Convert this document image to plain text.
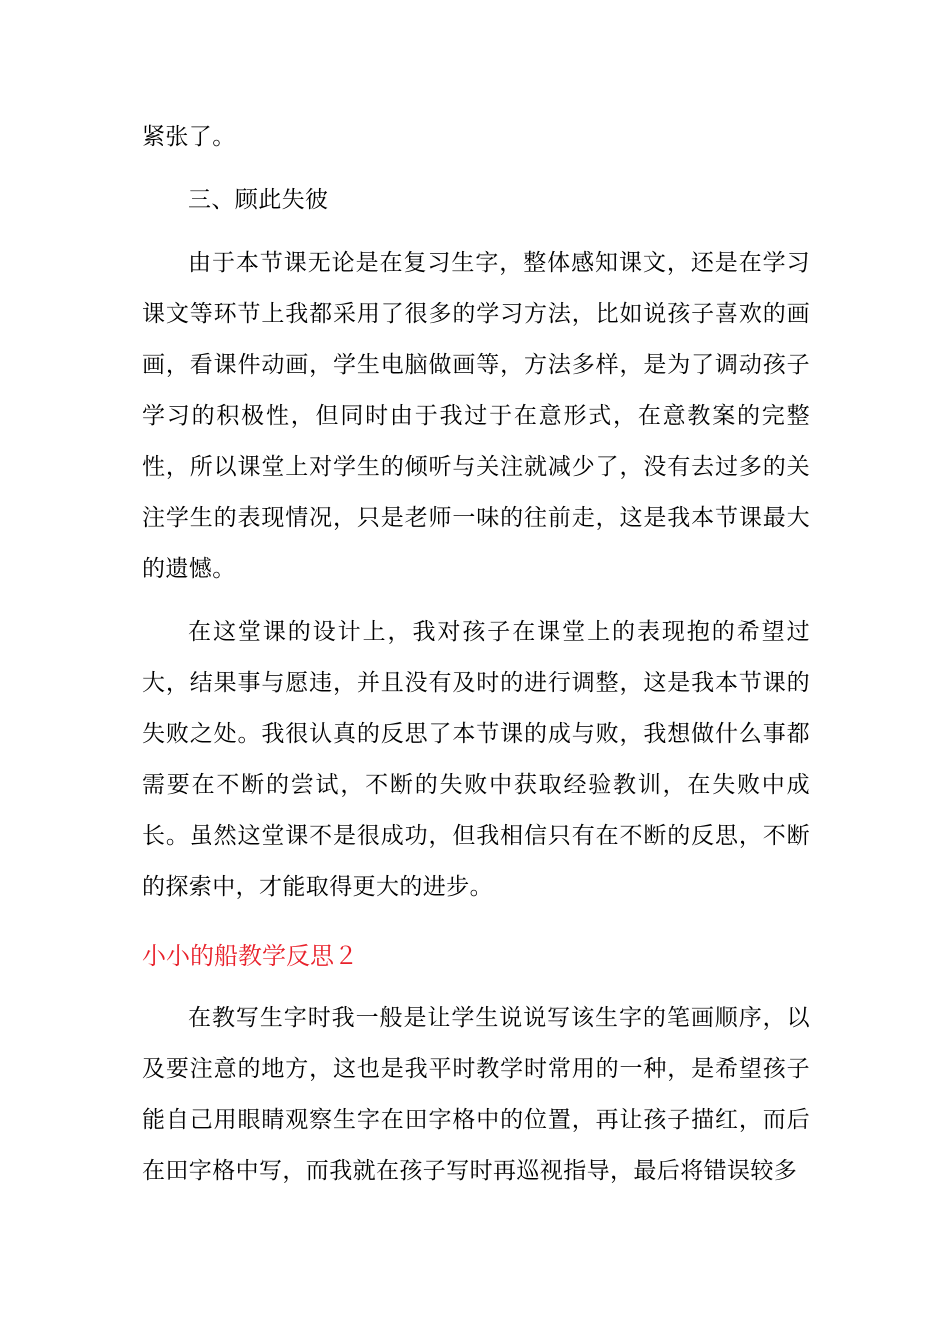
紧张了。

三、顾此失彼

由于本节课无论是在复习生字，整体感知课文，还是在学习课文等环节上我都采用了很多的学习方法，比如说孩子喜欢的画画，看课件动画，学生电脑做画等，方法多样，是为了调动孩子学习的积极性，但同时由于我过于在意形式，在意教案的完整性，所以课堂上对学生的倾听与关注就减少了，没有去过多的关注学生的表现情况，只是老师一味的往前走，这是我本节课最大的遗憾。

在这堂课的设计上，我对孩子在课堂上的表现抱的希望过大，结果事与愿违，并且没有及时的进行调整，这是我本节课的失败之处。我很认真的反思了本节课的成与败，我想做什么事都需要在不断的尝试，不断的失败中获取经验教训，在失败中成长。虽然这堂课不是很成功，但我相信只有在不断的反思，不断的探索中，才能取得更大的进步。

小小的船教学反思２

在教写生字时我一般是让学生说说写该生字的笔画顺序，以及要注意的地方，这也是我平时教学时常用的一种，是希望孩子能自己用眼睛观察生字在田字格中的位置，再让孩子描红，而后在田字格中写，而我就在孩子写时再巡视指导，最后将错误较多
